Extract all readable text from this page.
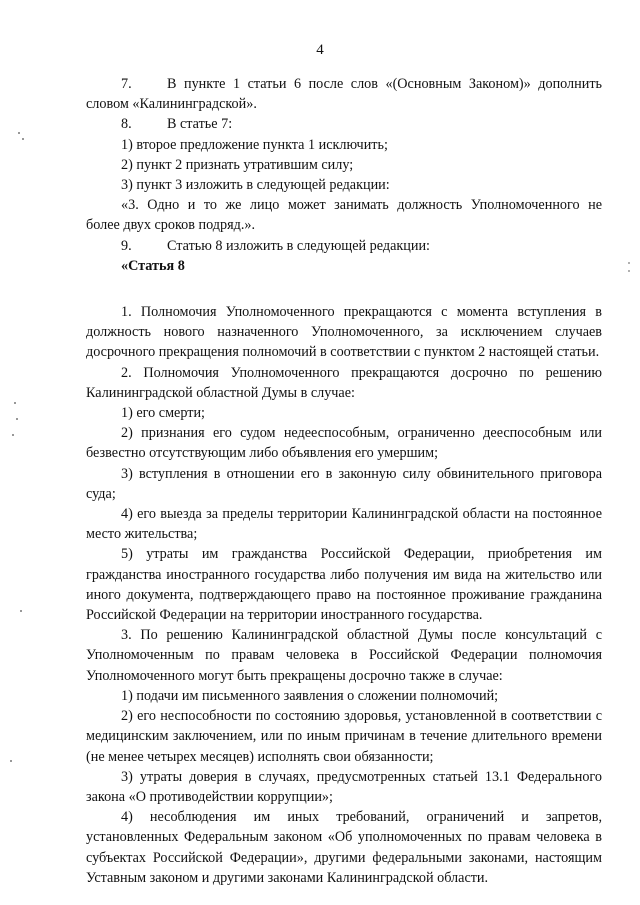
4
7.	В пункте 1 статьи 6 после слов «(Основным Законом)» дополнить

словом «Калининградской».

8.	В статье 7:

1) второе предложение пункта 1 исключить;

2) пункт 2 признать утратившим силу;

3) пункт 3 изложить в следующей редакции:

«3. Одно и то же лицо может занимать должность Уполномоченного не

более двух сроков подряд.».

9.	Статью 8 изложить в следующей редакции:

«Статья 8

1. Полномочия Уполномоченного прекращаются с момента вступления в должность нового назначенного Уполномоченного, за исключением случаев досрочного прекращения полномочий в соответствии с пунктом 2 настоящей статьи.

2. Полномочия Уполномоченного прекращаются досрочно по решению Калининградской областной Думы в случае:

1) его смерти;

2) признания его судом недееспособным, ограниченно дееспособным или безвестно отсутствующим либо объявления его умершим;

3) вступления в отношении его в законную силу обвинительного приговора суда;

4) его выезда за пределы территории Калининградской области на постоянное место жительства;

5) утраты им гражданства Российской Федерации, приобретения им гражданства иностранного государства либо получения им вида на жительство или иного документа, подтверждающего право на постоянное проживание гражданина Российской Федерации на территории иностранного государства.

3. По решению Калининградской областной Думы после консультаций с Уполномоченным по правам человека в Российской Федерации полномочия Уполномоченного могут быть прекращены досрочно также в случае:

1) подачи им письменного заявления о сложении полномочий;

2) его неспособности по состоянию здоровья, установленной в соответствии с медицинским заключением, или по иным причинам в течение длительного времени (не менее четырех месяцев) исполнять свои обязанности;

3) утраты доверия в случаях, предусмотренных статьей 13.1 Федерального закона «О противодействии коррупции»;

4) несоблюдения им иных требований, ограничений и запретов, установленных Федеральным законом «Об уполномоченных по правам человека в субъектах Российской Федерации», другими федеральными законами, настоящим Уставным законом и другими законами Калининградской области.
